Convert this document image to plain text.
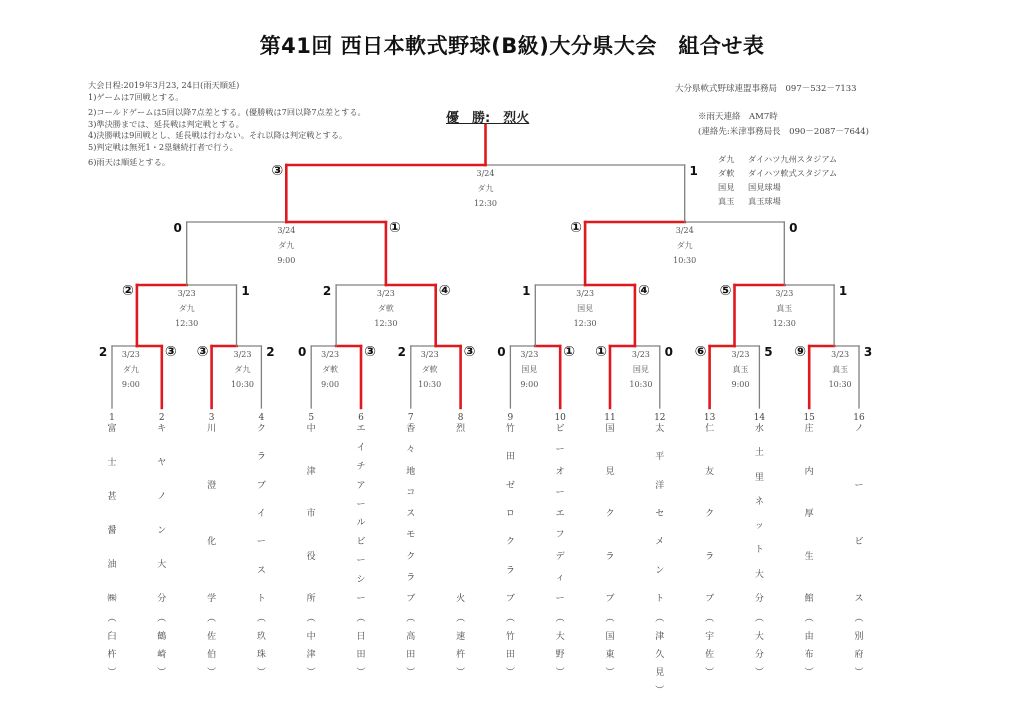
第41回 西日本軟式野球(B級)大分県大会　組合せ表
大会日程:2019年3月23, 24日(雨天順延)
1)ゲームは7回戦とする。
2)コールドゲームは5回以降7点差とする。(優勝戦は7回以降7点差とする。
3)準決勝までは、延長戦は判定戦とする。
4)決勝戦は9回戦とし、延長戦は行わない。それ以降は判定戦とする。
5)判定戦は無死1・2塁継続打者で行う。
6)雨天は順延とする。
大分県軟式野球連盟事務局　097－532－7133
※雨天連絡　AM7時
(連絡先:米津事務局長　090－2087－7644)
ダ九 ダイハツ九州スタジアム
ダ軟 ダイハツ軟式スタジアム
国見 国見球場
真玉 真玉球場
優　勝:　烈火
2	③
3/23
ダ九
9:00
③	2
3/23
ダ九
10:30
0	③
3/23
ダ軟
9:00
2	③
3/23
ダ軟
10:30
0	①
3/23
国見
9:00
①	0
3/23
国見
10:30
⑥	5
3/23
真玉
9:00
⑨	3
3/23
真玉
10:30
②	1
3/23
ダ九
12:30
2	④
3/23
ダ軟
12:30
1	④
3/23
国見
12:30
⑤	1
3/23
真玉
12:30
0	①
3/24
ダ九
9:00
①	0
3/24
ダ九
10:30
③	1
3/24
ダ九
12:30
1
富
士
甚
醤
油
㈱
︵
臼
杵
︶
2
キ
ヤ
ノ
ン
大
分
︵
鶴
崎
︶
3
川
澄
化
学
︵
佐
伯
︶
4
ク
ラ
ブ
イ
ー
ス
ト
︵
玖
珠
︶
5
中
津
市
役
所
︵
中
津
︶
6
エ
イ
チ
ア
ー
ル
ビ
ー
シ
ー
︵
日
田
︶
7
香
々
地
コ
ス
モ
ク
ラ
ブ
︵
高
田
︶
8
烈
火
︵
速
杵
︶
9
竹
田
ゼ
ロ
ク
ラ
ブ
︵
竹
田
︶
10
ビ
ー
オ
ー
エ
フ
デ
ィ
ー
︵
大
野
︶
11
国
見
ク
ラ
ブ
︵
国
東
︶
12
太
平
洋
セ
メ
ン
ト
︵
津
久
見
︶
13
仁
友
ク
ラ
ブ
︵
宇
佐
︶
14
水
土
里
ネ
ッ
ト
大
分
︵
大
分
︶
15
庄
内
厚
生
館
︵
由
布
︶
16
ノ
ー
ビ
ス
︵
別
府
︶
